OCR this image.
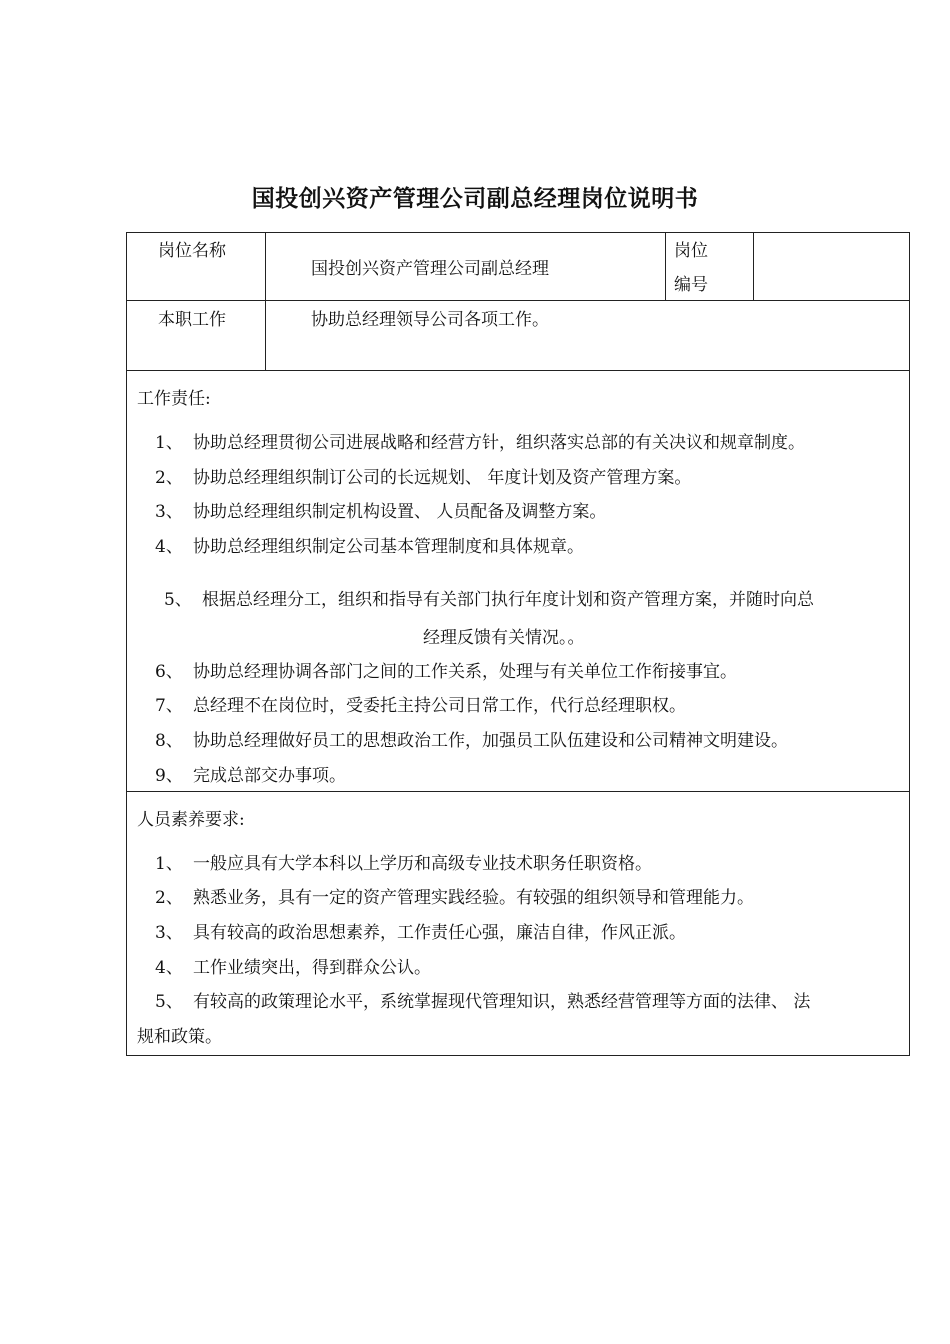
国投创兴资产管理公司副总经理岗位说明书
岗位名称
国投创兴资产管理公司副总经理
岗位
编号
本职工作	协助总经理领导公司各项工作。
工作责任:
1、 协助总经理贯彻公司进展战略和经营方针，组织落实总部的有关决议和规章制度。
2、 协助总经理组织制订公司的长远规划、 年度计划及资产管理方案。
3、 协助总经理组织制定机构设置、 人员配备及调整方案。
4、 协助总经理组织制定公司基本管理制度和具体规章。
5、 根据总经理分工，组织和指导有关部门执行年度计划和资产管理方案，并随时向总
经理反馈有关情况。。
6、 协助总经理协调各部门之间的工作关系，处理与有关单位工作衔接事宜。
7、 总经理不在岗位时，受委托主持公司日常工作，代行总经理职权。
8、 协助总经理做好员工的思想政治工作，加强员工队伍建设和公司精神文明建设。
9、 完成总部交办事项。
人员素养要求:
1、 一般应具有大学本科以上学历和高级专业技术职务任职资格。
2、 熟悉业务，具有一定的资产管理实践经验。有较强的组织领导和管理能力。
3、 具有较高的政治思想素养，工作责任心强，廉洁自律，作风正派。
4、 工作业绩突出，得到群众公认。
5、 有较高的政策理论水平，系统掌握现代管理知识，熟悉经营管理等方面的法律、 法
规和政策。
